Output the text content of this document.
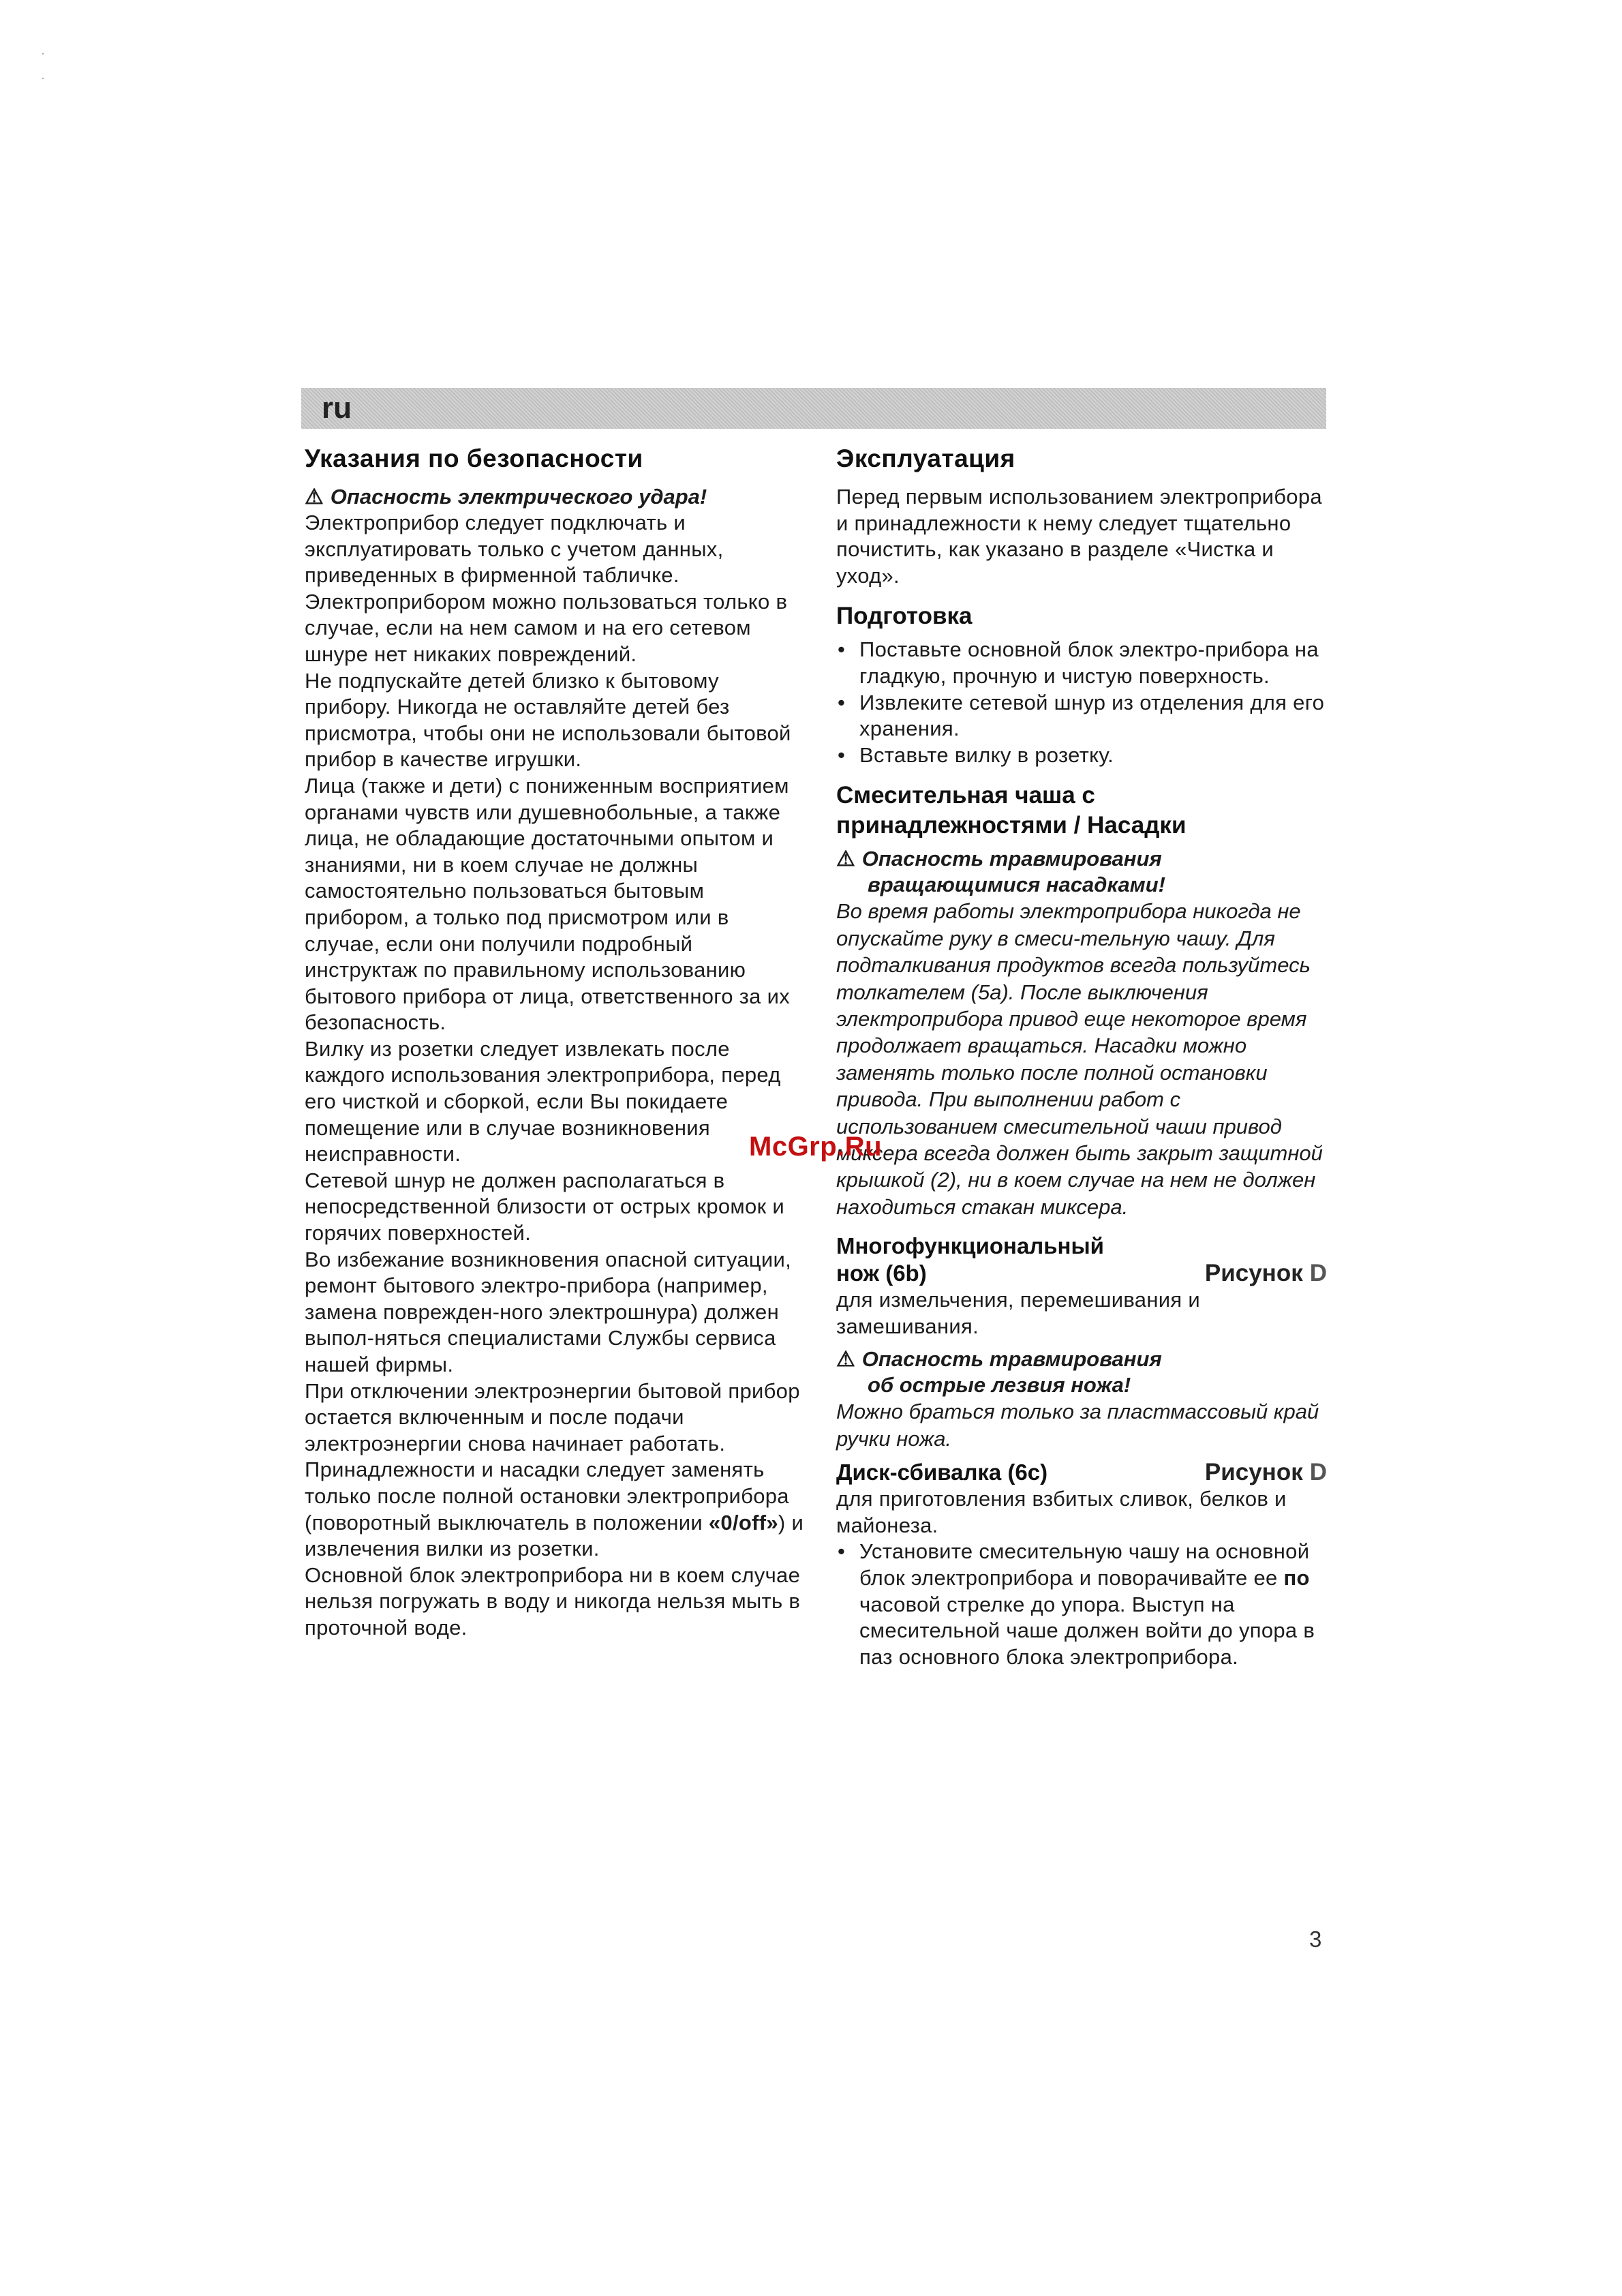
·
·
ru
Указания по безопасности
⚠ Опасность электрического удара!
Электроприбор следует подключать и эксплуатировать только с учетом данных, приведенных в фирменной табличке.
Электроприбором можно пользоваться только в случае, если на нем самом и на его сетевом шнуре нет никаких повреждений.
Не подпускайте детей близко к бытовому прибору. Никогда не оставляйте детей без присмотра, чтобы они не использовали бытовой прибор в качестве игрушки.
Лица (также и дети) с пониженным восприятием органами чувств или душевнобольные, а также лица, не обладающие достаточными опытом и знаниями, ни в коем случае не должны самостоятельно пользоваться бытовым прибором, а только под присмотром или в случае, если они получили подробный инструктаж по правильному использованию бытового прибора от лица, ответственного за их безопасность.
Вилку из розетки следует извлекать после каждого использования электроприбора, перед его чисткой и сборкой, если Вы покидаете помещение или в случае возникновения неисправности.
Сетевой шнур не должен располагаться в непосредственной близости от острых кромок и горячих поверхностей.
Во избежание возникновения опасной ситуации, ремонт бытового электро-прибора (например, замена поврежден-ного электрошнура) должен выпол-няться специалистами Службы сервиса нашей фирмы.
При отключении электроэнергии бытовой прибор остается включенным и после подачи электроэнергии снова начинает работать.
Принадлежности и насадки следует заменять только после полной остановки электроприбора (поворотный выключатель в положении «0/off») и извлечения вилки из розетки.
Основной блок электроприбора ни в коем случае нельзя погружать в воду и никогда нельзя мыть в проточной воде.
Эксплуатация
Перед первым использованием электроприбора и принадлежности к нему следует тщательно почистить, как указано в разделе «Чистка и уход».
Подготовка
• Поставьте основной блок электро-прибора на гладкую, прочную и чистую поверхность.
• Извлеките сетевой шнур из отделения для его хранения.
• Вставьте вилку в розетку.
Смесительная чаша с принадлежностями / Насадки
⚠ Опасность травмирования
вращающимися насадками!
Во время работы электроприбора никогда не опускайте руку в смеси-тельную чашу. Для подталкивания продуктов всегда пользуйтесь толкателем (5a). После выключения электроприбора привод еще некоторое время продолжает вращаться. Насадки можно заменять только после полной остановки привода. При выполнении работ с использованием смесительной чаши привод миксера всегда должен быть закрыт защитной крышкой (2), ни в коем случае на нем не должен находиться стакан миксера.
Многофункциональный
нож (6b)	Рисунок D
для измельчения, перемешивания и замешивания.
⚠ Опасность травмирования
об острые лезвия ножа!
Можно браться только за пластмассовый край ручки ножа.
Диск-сбивалка (6c)	Рисунок D
для приготовления взбитых сливок, белков и майонеза.
• Установите смесительную чашу на основной блок электроприбора и поворачивайте ее по часовой стрелке до упора. Выступ на смесительной чаше должен войти до упора в паз основного блока электроприбора.
McGrp.Ru
3
